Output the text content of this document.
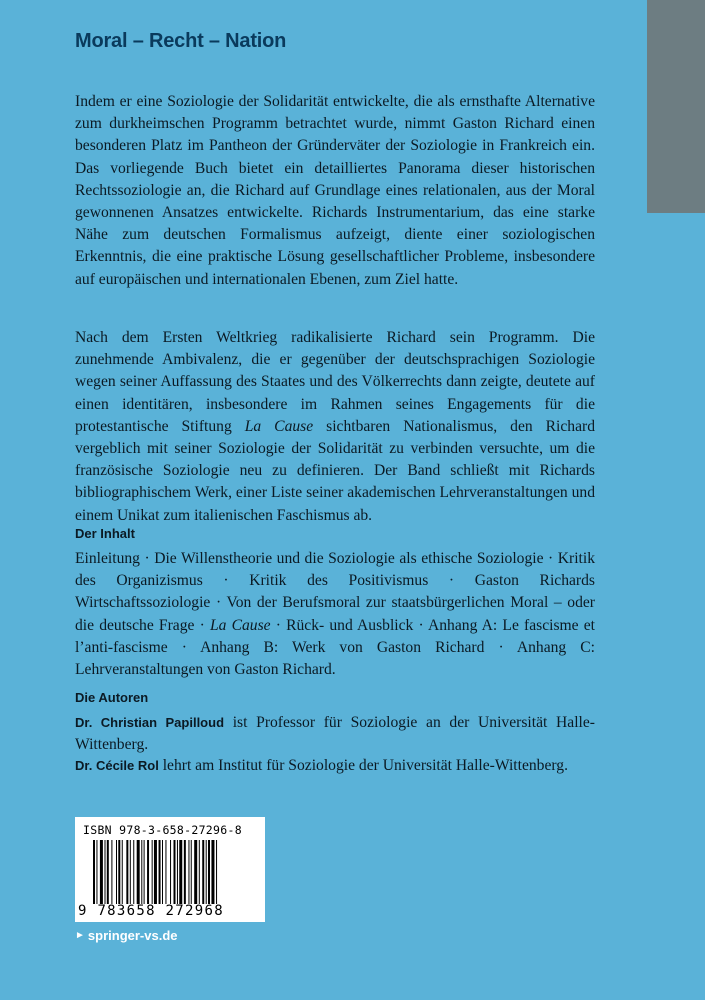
Moral – Recht – Nation

Indem er eine Soziologie der Solidarität entwickelte, die als ernsthafte Alternative zum durkheimschen Programm betrachtet wurde, nimmt Gaston Richard einen besonderen Platz im Pantheon der Gründerväter der Soziologie in Frankreich ein. Das vorliegende Buch bietet ein detailliertes Panorama dieser historischen Rechtssoziologie an, die Richard auf Grundlage eines relationalen, aus der Moral gewonnenen Ansatzes entwickelte. Richards Instrumentarium, das eine starke Nähe zum deutschen Formalismus aufzeigt, diente einer soziologischen Erkenntnis, die eine praktische Lösung gesellschaftlicher Probleme, insbesondere auf europäischen und internationalen Ebenen, zum Ziel hatte.

Nach dem Ersten Weltkrieg radikalisierte Richard sein Programm. Die zunehmende Ambivalenz, die er gegenüber der deutschsprachigen Soziologie wegen seiner Auffassung des Staates und des Völkerrechts dann zeigte, deutete auf einen identitären, insbesondere im Rahmen seines Engagements für die protestantische Stiftung La Cause sichtbaren Nationalismus, den Richard vergeblich mit seiner Soziologie der Solidarität zu verbinden versuchte, um die französische Soziologie neu zu definieren. Der Band schließt mit Richards bibliographischem Werk, einer Liste seiner akademischen Lehrveranstaltungen und einem Unikat zum italienischen Faschismus ab.

Der Inhalt

Einleitung · Die Willenstheorie und die Soziologie als ethische Soziologie · Kritik des Organizismus · Kritik des Positivismus · Gaston Richards Wirtschaftssoziologie · Von der Berufsmoral zur staatsbürgerlichen Moral – oder die deutsche Frage · La Cause · Rück- und Ausblick · Anhang A: Le fascisme et l’anti-fascisme · Anhang B: Werk von Gaston Richard · Anhang C: Lehrveranstaltungen von Gaston Richard.

Die Autoren

Dr. Christian Papilloud ist Professor für Soziologie an der Universität Halle-Wittenberg.

Dr. Cécile Rol lehrt am Institut für Soziologie der Universität Halle-Wittenberg.

ISBN 978-3-658-27296-8
9 783658 272968
► springer-vs.de
